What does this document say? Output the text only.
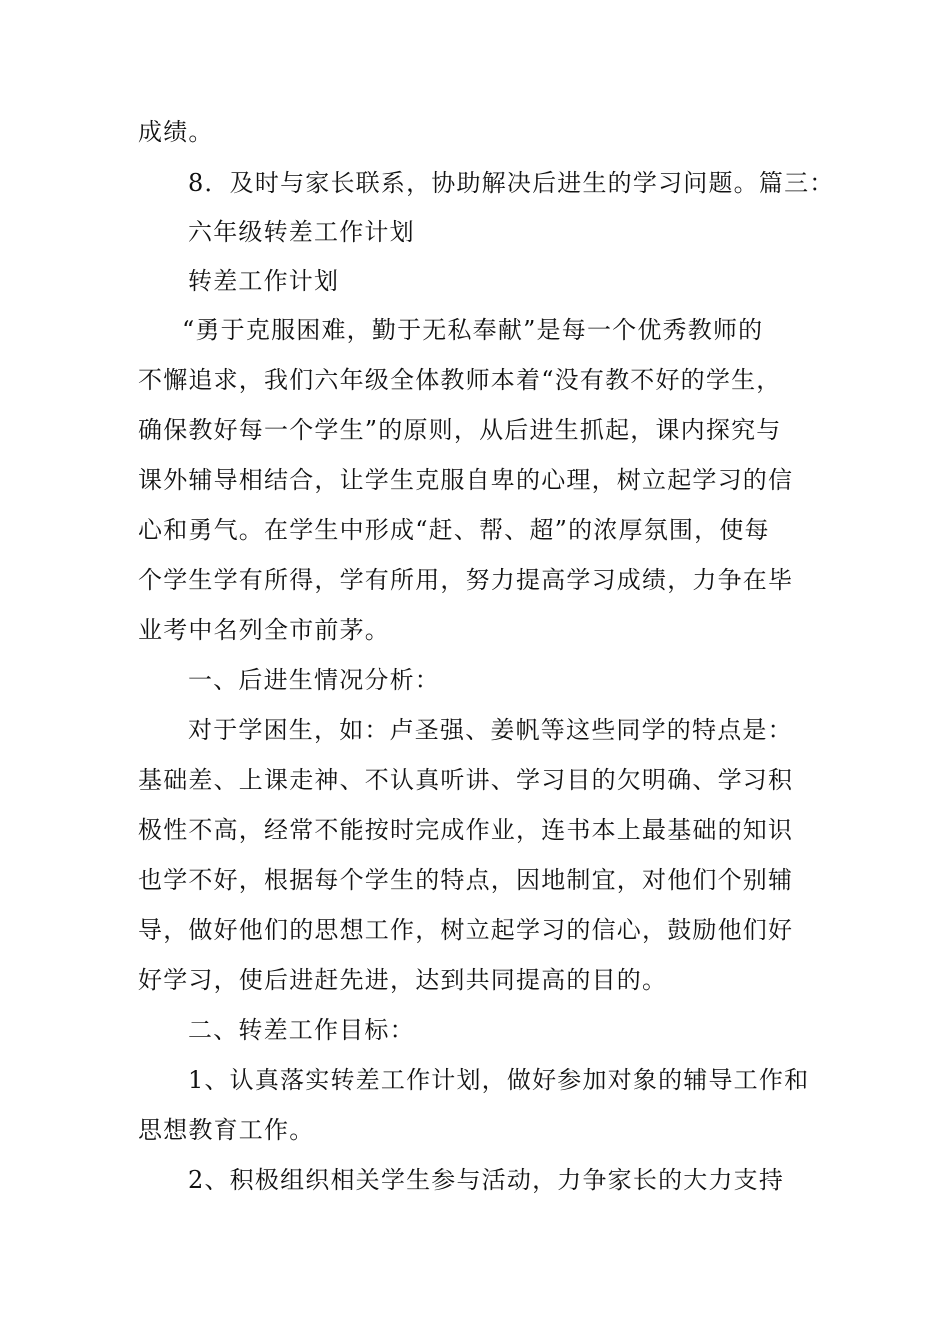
成绩。
8．及时与家长联系，协助解决后进生的学习问题。篇三：
六年级转差工作计划
转差工作计划
“勇于克服困难，勤于无私奉献”是每一个优秀教师的
不懈追求，我们六年级全体教师本着“没有教不好的学生，
确保教好每一个学生”的原则，从后进生抓起，课内探究与
课外辅导相结合，让学生克服自卑的心理，树立起学习的信
心和勇气。在学生中形成“赶、帮、超”的浓厚氛围，使每
个学生学有所得，学有所用，努力提高学习成绩，力争在毕
业考中名列全市前茅。
一、后进生情况分析：
对于学困生，如：卢圣强、姜帆等这些同学的特点是：
基础差、上课走神、不认真听讲、学习目的欠明确、学习积
极性不高，经常不能按时完成作业，连书本上最基础的知识
也学不好，根据每个学生的特点，因地制宜，对他们个别辅
导，做好他们的思想工作，树立起学习的信心，鼓励他们好
好学习，使后进赶先进，达到共同提高的目的。
二、转差工作目标：
1、认真落实转差工作计划，做好参加对象的辅导工作和
思想教育工作。
2、积极组织相关学生参与活动，力争家长的大力支持
